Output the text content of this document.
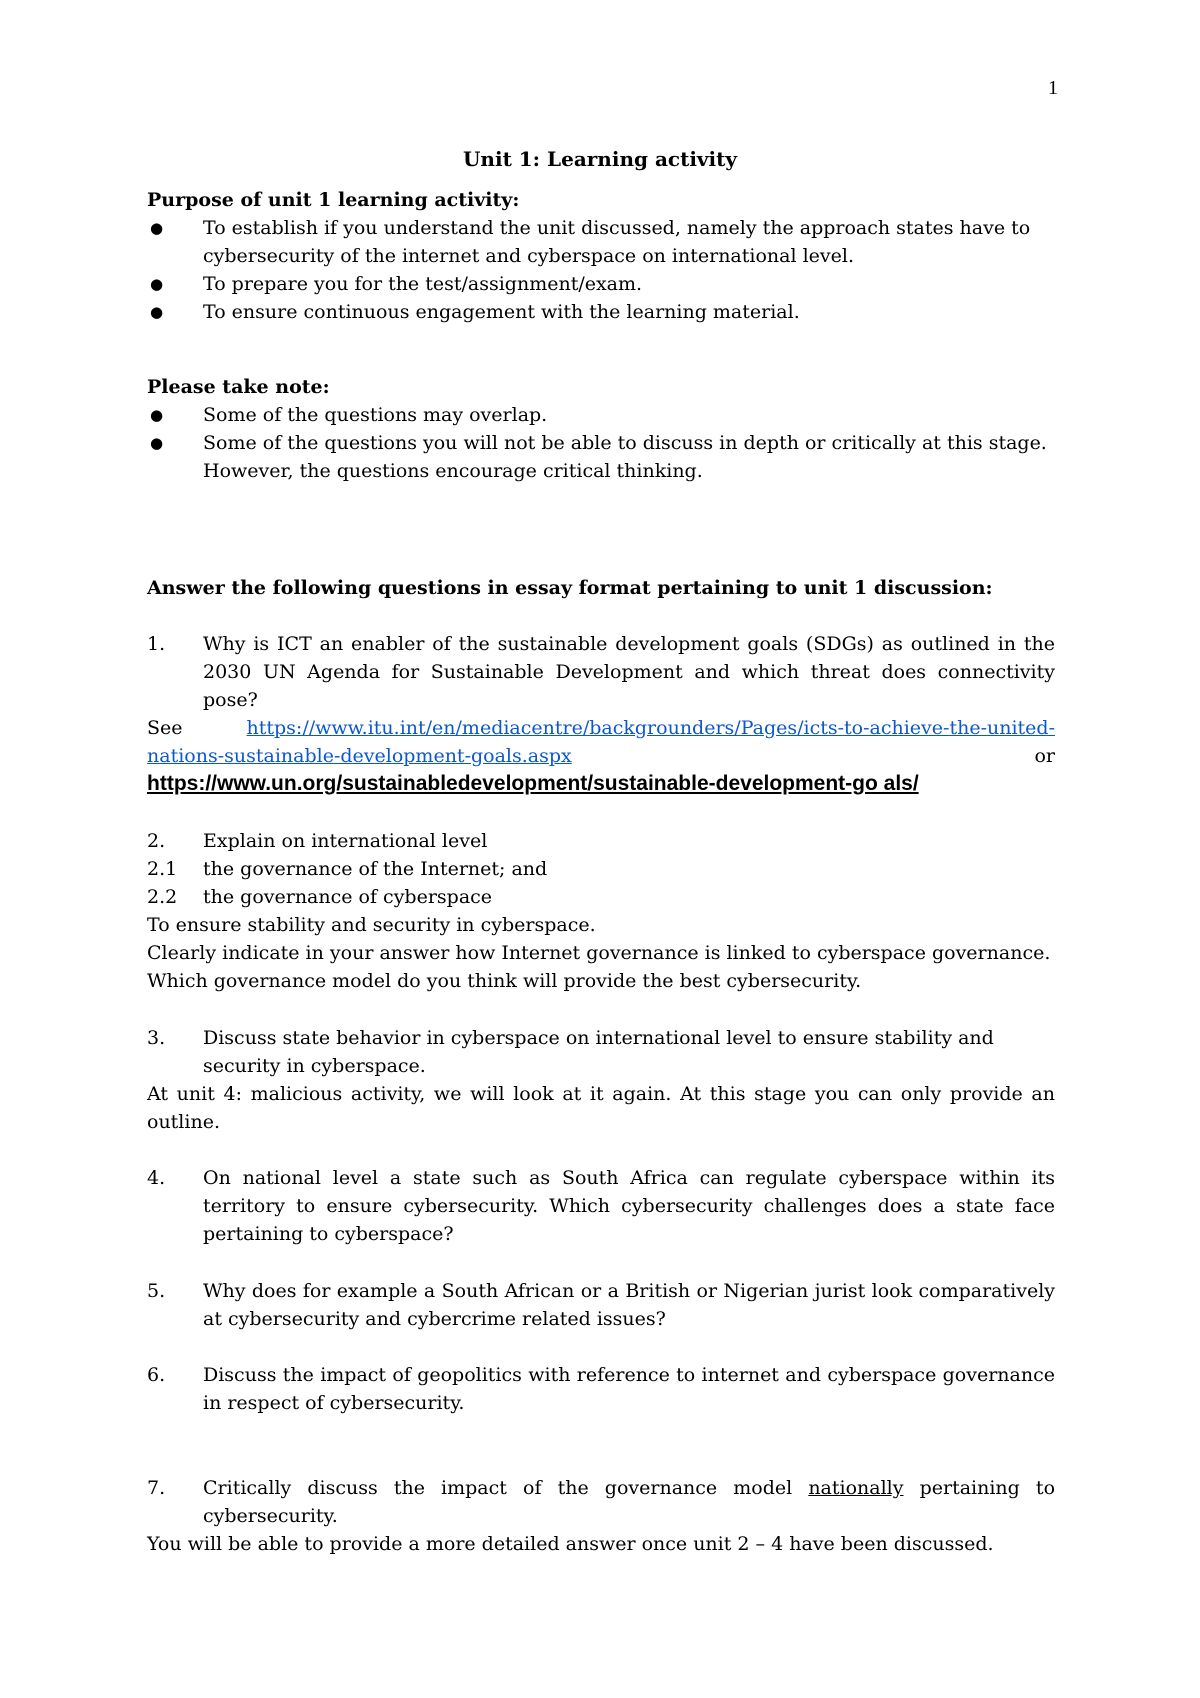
1
Unit 1: Learning activity
Purpose of unit 1 learning activity:
● To establish if you understand the unit discussed, namely the approach states have to cybersecurity of the internet and cyberspace on international level.
● To prepare you for the test/assignment/exam.
● To ensure continuous engagement with the learning material.
Please take note:
● Some of the questions may overlap.
● Some of the questions you will not be able to discuss in depth or critically at this stage. However, the questions encourage critical thinking.
Answer the following questions in essay format pertaining to unit 1 discussion:
1. Why is ICT an enabler of the sustainable development goals (SDGs) as outlined in the 2030 UN Agenda for Sustainable Development and which threat does connectivity pose?
See	https://www.itu.int/en/mediacentre/backgrounders/Pages/icts-to-achieve-the-united-
nations-sustainable-development-goals.aspx	or
https://www.un.org/sustainabledevelopment/sustainable-development-go als/
2. Explain on international level
2.1 the governance of the Internet; and
2.2 the governance of cyberspace
To ensure stability and security in cyberspace.
Clearly indicate in your answer how Internet governance is linked to cyberspace governance.
Which governance model do you think will provide the best cybersecurity.
3. Discuss state behavior in cyberspace on international level to ensure stability and security in cyberspace.
At unit 4: malicious activity, we will look at it again. At this stage you can only provide an outline.
4. On national level a state such as South Africa can regulate cyberspace within its territory to ensure cybersecurity. Which cybersecurity challenges does a state face pertaining to cyberspace?
5. Why does for example a South African or a British or Nigerian jurist look comparatively at cybersecurity and cybercrime related issues?
6. Discuss the impact of geopolitics with reference to internet and cyberspace governance in respect of cybersecurity.
7. Critically discuss the impact of the governance model nationally pertaining to cybersecurity.
You will be able to provide a more detailed answer once unit 2 – 4 have been discussed.
